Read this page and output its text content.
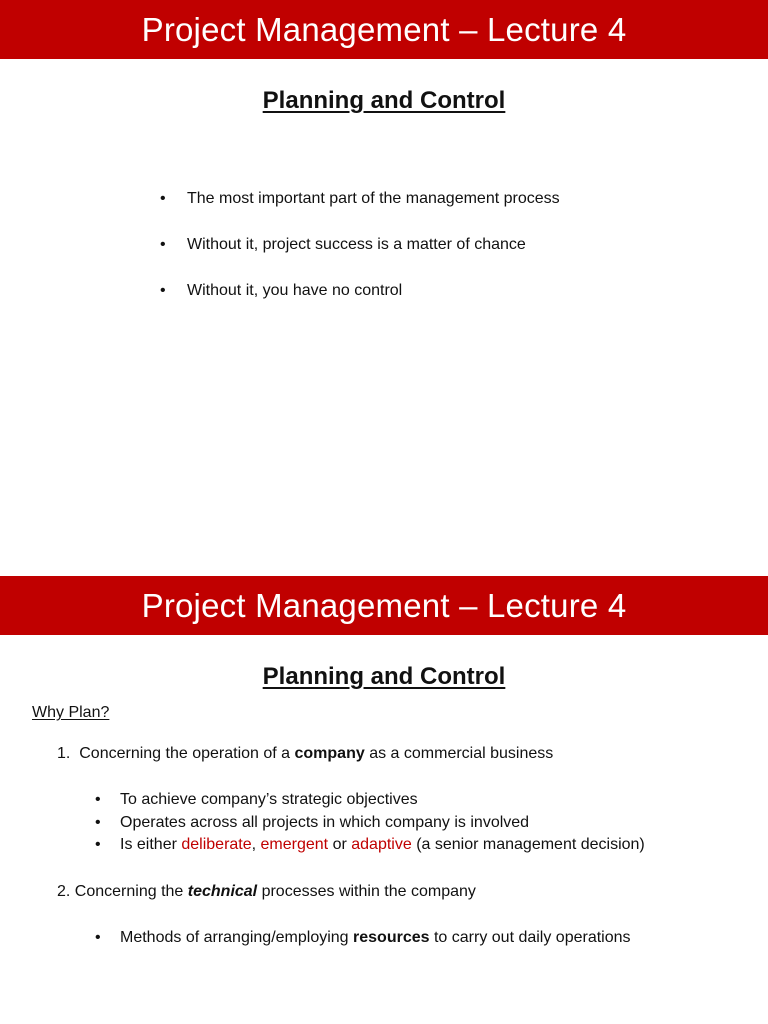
Project Management – Lecture 4
Planning and Control
• The most important part of the management process
• Without it, project success is a matter of chance
• Without it, you have no control
Project Management – Lecture 4
Planning and Control
Why Plan?
1. Concerning the operation of a company as a commercial business
• To achieve company’s strategic objectives
• Operates across all projects in which company is involved
• Is either deliberate, emergent or adaptive (a senior management decision)
2. Concerning the technical processes within the company
• Methods of arranging/employing resources to carry out daily operations
